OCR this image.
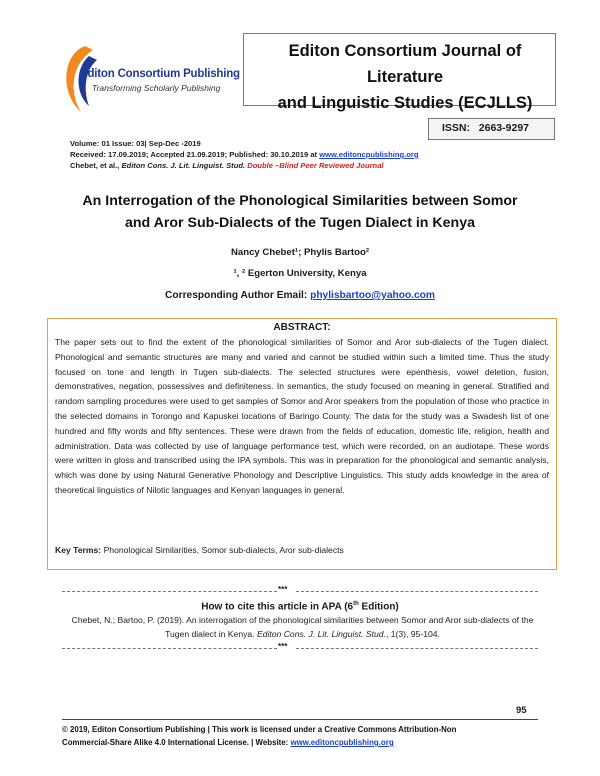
Editon Consortium Publishing
Transforming Scholarly Publishing
Editon Consortium Journal of Literature
and Linguistic Studies (ECJLLS)
ISSN: 2663-9297
Volume: 01 Issue: 03| Sep-Dec -2019
Received: 17.09.2019; Accepted 21.09.2019; Published: 30.10.2019 at www.editoncpublishing.org
Chebet, et al., Editon Cons. J. Lit. Linguist. Stud. Double –Blind Peer Reviewed Journal
An Interrogation of the Phonological Similarities between Somor
and Aror Sub-Dialects of the Tugen Dialect in Kenya
Nancy Chebet¹; Phylis Bartoo²
¹, ² Egerton University, Kenya
Corresponding Author Email: phylisbartoo@yahoo.com
ABSTRACT:
The paper sets out to find the extent of the phonological similarities of Somor and Aror sub-dialects of the Tugen dialect. Phonological and semantic structures are many and varied and cannot be studied within such a limited time. Thus the study focused on tone and length in Tugen sub-dialects. The selected structures were epenthesis, vowel deletion, fusion, demonstratives, negation, possessives and definiteness. In semantics, the study focused on meaning in general. Stratified and random sampling procedures were used to get samples of Somor and Aror speakers from the population of those who practice in the selected domains in Torongo and Kapuskei locations of Baringo County. The data for the study was a Swadesh list of one hundred and fifty words and fifty sentences. These were drawn from the fields of education, domestic life, religion, health and administration. Data was collected by use of language performance test, which were recorded, on an audiotape. These words were written in gloss and transcribed using the IPA symbols. This was in preparation for the phonological and semantic analysis, which was done by using Natural Generative Phonology and Descriptive Linguistics. This study adds knowledge in the area of theoretical linguistics of Nilotic languages and Kenyan languages in general.
Key Terms: Phonological Similarities, Somor sub-dialects, Aror sub-dialects
***
How to cite this article in APA (6th Edition)
Chebet, N.; Bartoo, P. (2019). An interrogation of the phonological similarities between Somor and Aror sub-dialects of the Tugen dialect in Kenya. Editon Cons. J. Lit. Linguist. Stud., 1(3), 95-104.
***
95
© 2019, Editon Consortium Publishing | This work is licensed under a Creative Commons Attribution-Non
Commercial-Share Alike 4.0 International License. | Website: www.editoncpublishing.org
